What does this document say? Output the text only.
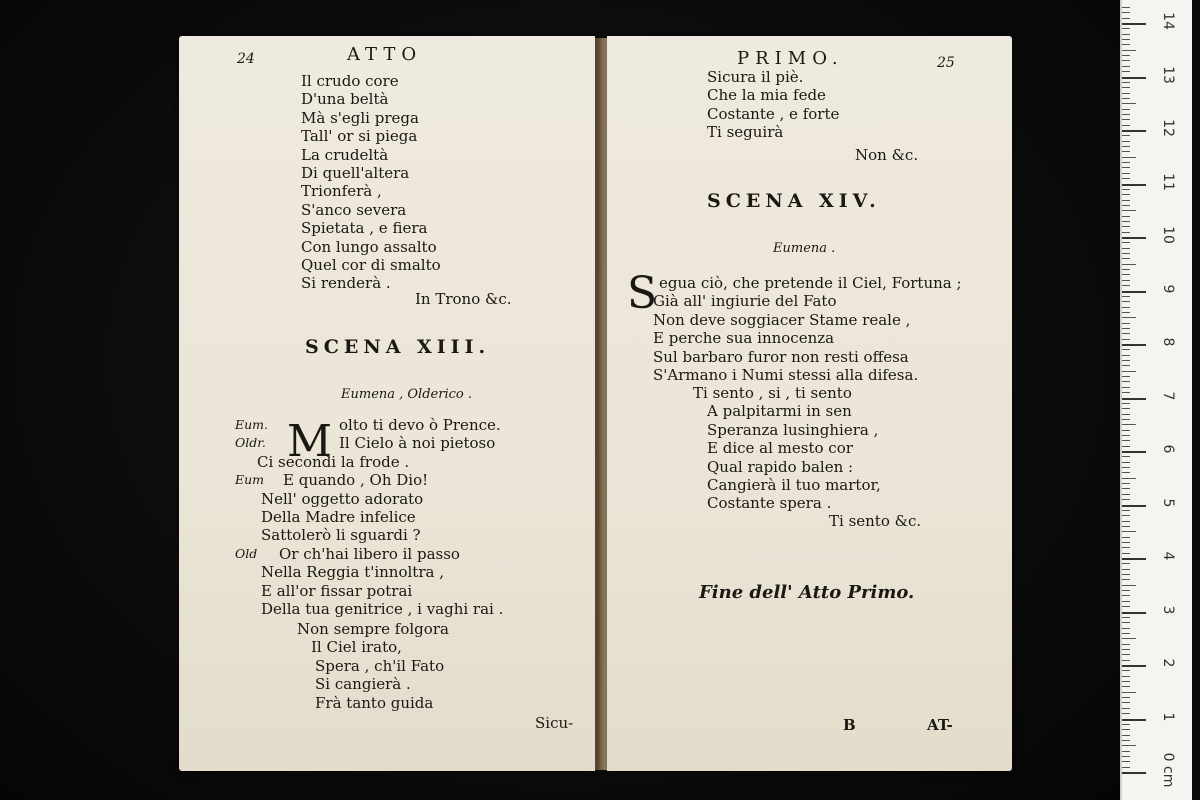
24	ATTO
Il crudo core
D'una beltà
Mà s'egli prega
Tall' or si piega
La crudeltà
Di quell'altera
Trionferà ,
S'anco severa
Spietata , e fiera
Con lungo assalto
Quel cor di smalto
Si renderà .
In Trono &c.
SCENA XIII.
Eumena , Olderico .
M
Eum.	olto ti devo ò Prence.
Oldr.	Il Cielo à noi pietoso
Ci secondi la frode .
Eum E quando , Oh Dio!
Nell' oggetto adorato
Della Madre infelice
Sattolerò li sguardi ?
Old Or ch'hai libero il passo
Nella Reggia t'innoltra ,
E all'or fissar potrai
Della tua genitrice , i vaghi rai .
Non sempre folgora
Il Ciel irato,
Spera , ch'il Fato
Si cangierà .
Frà tanto guida
Sicu-
PRIMO.	25
Sicura il piè.
Che la mia fede
Costante , e forte
Ti seguirà
Non &c.
SCENA XIV.
Eumena .
S egua ciò, che pretende il Ciel, Fortuna ;
Già all' ingiurie del Fato
Non deve soggiacer Stame reale ,
E perche sua innocenza
Sul barbaro furor non resti offesa
S'Armano i Numi stessi alla difesa.
Ti sento , si , ti sento
A palpitarmi in sen
Speranza lusinghiera ,
E dice al mesto cor
Qual rapido balen :
Cangierà il tuo martor,
Costante spera .
Ti sento &c.
Fine dell' Atto Primo.
B	AT-
0 cm
1
2
3
4
5
6
7
8
9
10
11
12
13
14
